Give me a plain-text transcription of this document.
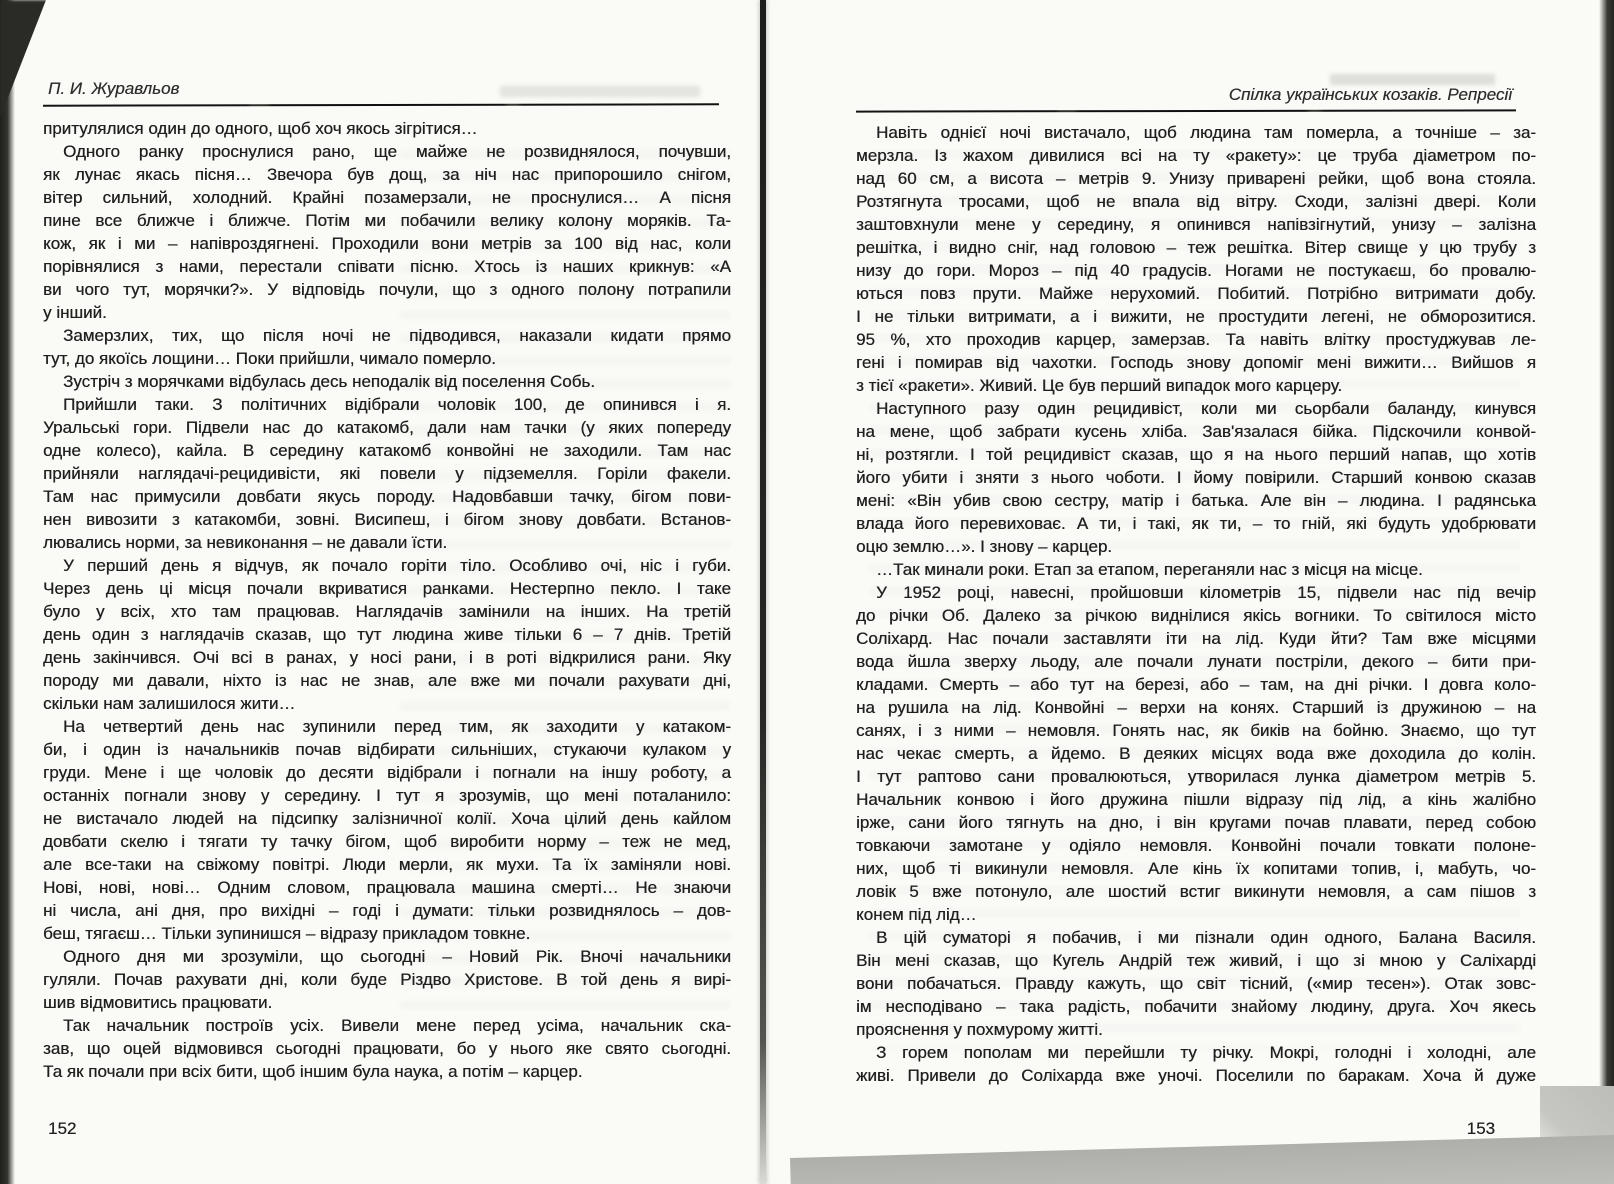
П. И. Журавльов
притулялися один до одного, щоб хоч якось зігрітися…
Одного ранку проснулися рано, ще майже не розвиднялося, почувши,
як лунає якась пісня… Звечора був дощ, за ніч нас припорошило снігом,
вітер сильний, холодний. Крайні позамерзали, не проснулися… А пісня
пине все ближче і ближче. Потім ми побачили велику колону моряків. Та-
кож, як і ми – напівроздягнені. Проходили вони метрів за 100 від нас, коли
порівнялися з нами, перестали співати пісню. Хтось із наших крикнув: «А
ви чого тут, морячки?». У відповідь почули, що з одного полону потрапили
у інший.
Замерзлих, тих, що після ночі не підводився, наказали кидати прямо
тут, до якоїсь лощини… Поки прийшли, чимало померло.
Зустріч з морячками відбулась десь неподалік від поселення Собь.
Прийшли таки. З політичних відібрали чоловік 100, де опинився і я.
Уральські гори. Підвели нас до катакомб, дали нам тачки (у яких попереду
одне колесо), кайла. В середину катакомб конвойні не заходили. Там нас
прийняли наглядачі-рецидивісти, які повели у підземелля. Горіли факели.
Там нас примусили довбати якусь породу. Надовбавши тачку, бігом пови-
нен вивозити з катакомби, зовні. Висипеш, і бігом знову довбати. Встанов-
лювались норми, за невиконання – не давали їсти.
У перший день я відчув, як почало горіти тіло. Особливо очі, ніс і губи.
Через день ці місця почали вкриватися ранками. Нестерпно пекло. І таке
було у всіх, хто там працював. Наглядачів замінили на інших. На третій
день один з наглядачів сказав, що тут людина живе тільки 6 – 7 днів. Третій
день закінчився. Очі всі в ранах, у носі рани, і в роті відкрилися рани. Яку
породу ми давали, ніхто із нас не знав, але вже ми почали рахувати дні,
скільки нам залишилося жити…
На четвертий день нас зупинили перед тим, як заходити у катаком-
би, і один із начальників почав відбирати сильніших, стукаючи кулаком у
груди. Мене і ще чоловік до десяти відібрали і погнали на іншу роботу, а
останніх погнали знову у середину. І тут я зрозумів, що мені поталанило:
не вистачало людей на підсипку залізничної колії. Хоча цілий день кайлом
довбати скелю і тягати ту тачку бігом, щоб виробити норму – теж не мед,
але все-таки на свіжому повітрі. Люди мерли, як мухи. Та їх заміняли нові.
Нові, нові, нові… Одним словом, працювала машина смерті… Не знаючи
ні числа, ані дня, про вихідні – годі і думати: тільки розвиднялось – дов-
беш, тягаєш… Тільки зупинишся – відразу прикладом товкне.
Одного дня ми зрозуміли, що сьогодні – Новий Рік. Вночі начальники
гуляли. Почав рахувати дні, коли буде Різдво Христове. В той день я вирі-
шив відмовитись працювати.
Так начальник построїв усіх. Вивели мене перед усіма, начальник ска-
зав, що оцей відмовився сьогодні працювати, бо у нього яке свято сьогодні.
Та як почали при всіх бити, щоб іншим була наука, а потім – карцер.
152
Спілка українських козаків. Репресії
Навіть однієї ночі вистачало, щоб людина там померла, а точніше – за-
мерзла. Із жахом дивилися всі на ту «ракету»: це труба діаметром по-
над 60 см, а висота – метрів 9. Унизу приварені рейки, щоб вона стояла.
Розтягнута тросами, щоб не впала від вітру. Сходи, залізні двері. Коли
заштовхнули мене у середину, я опинився напівзігнутий, унизу – залізна
решітка, і видно сніг, над головою – теж решітка. Вітер свище у цю трубу з
низу до гори. Мороз – під 40 градусів. Ногами не постукаєш, бо провалю-
ються повз прути. Майже нерухомий. Побитий. Потрібно витримати добу.
І не тільки витримати, а і вижити, не простудити легені, не обморозитися.
95 %, хто проходив карцер, замерзав. Та навіть влітку простуджував ле-
гені і помирав від чахотки. Господь знову допоміг мені вижити… Вийшов я
з тієї «ракети». Живий. Це був перший випадок мого карцеру.
Наступного разу один рецидивіст, коли ми сьорбали баланду, кинувся
на мене, щоб забрати кусень хліба. Зав'язалася бійка. Підскочили конвой-
ні, розтягли. І той рецидивіст сказав, що я на нього перший напав, що хотів
його убити і зняти з нього чоботи. І йому повірили. Старший конвою сказав
мені: «Він убив свою сестру, матір і батька. Але він – людина. І радянська
влада його перевиховає. А ти, і такі, як ти, – то гній, які будуть удобрювати
оцю землю…». І знову – карцер.
…Так минали роки. Етап за етапом, переганяли нас з місця на місце.
У 1952 році, навесні, пройшовши кілометрів 15, підвели нас під вечір
до річки Об. Далеко за річкою виднілися якісь вогники. То світилося місто
Соліхард. Нас почали заставляти іти на лід. Куди йти? Там вже місцями
вода йшла зверху льоду, але почали лунати постріли, декого – бити при-
кладами. Смерть – або тут на березі, або – там, на дні річки. І довга коло-
на рушила на лід. Конвойні – верхи на конях. Старший із дружиною – на
санях, і з ними – немовля. Гонять нас, як биків на бойню. Знаємо, що тут
нас чекає смерть, а йдемо. В деяких місцях вода вже доходила до колін.
І тут раптово сани провалюються, утворилася лунка діаметром метрів 5.
Начальник конвою і його дружина пішли відразу під лід, а кінь жалібно
ірже, сани його тягнуть на дно, і він кругами почав плавати, перед собою
товкаючи замотане у одіяло немовля. Конвойні почали товкати полоне-
них, щоб ті викинули немовля. Але кінь їх копитами топив, і, мабуть, чо-
ловік 5 вже потонуло, але шостий встиг викинути немовля, а сам пішов з
конем під лід…
В цій суматорі я побачив, і ми пізнали один одного, Балана Василя.
Він мені сказав, що Кугель Андрій теж живий, і що зі мною у Саліхарді
вони побачаться. Правду кажуть, що світ тісний, («мир тесен»). Отак зовс-
ім несподівано – така радість, побачити знайому людину, друга. Хоч якесь
прояснення у похмурому житті.
З горем пополам ми перейшли ту річку. Мокрі, голодні і холодні, але
живі. Привели до Соліхарда вже уночі. Поселили по баракам. Хоча й дуже
153
